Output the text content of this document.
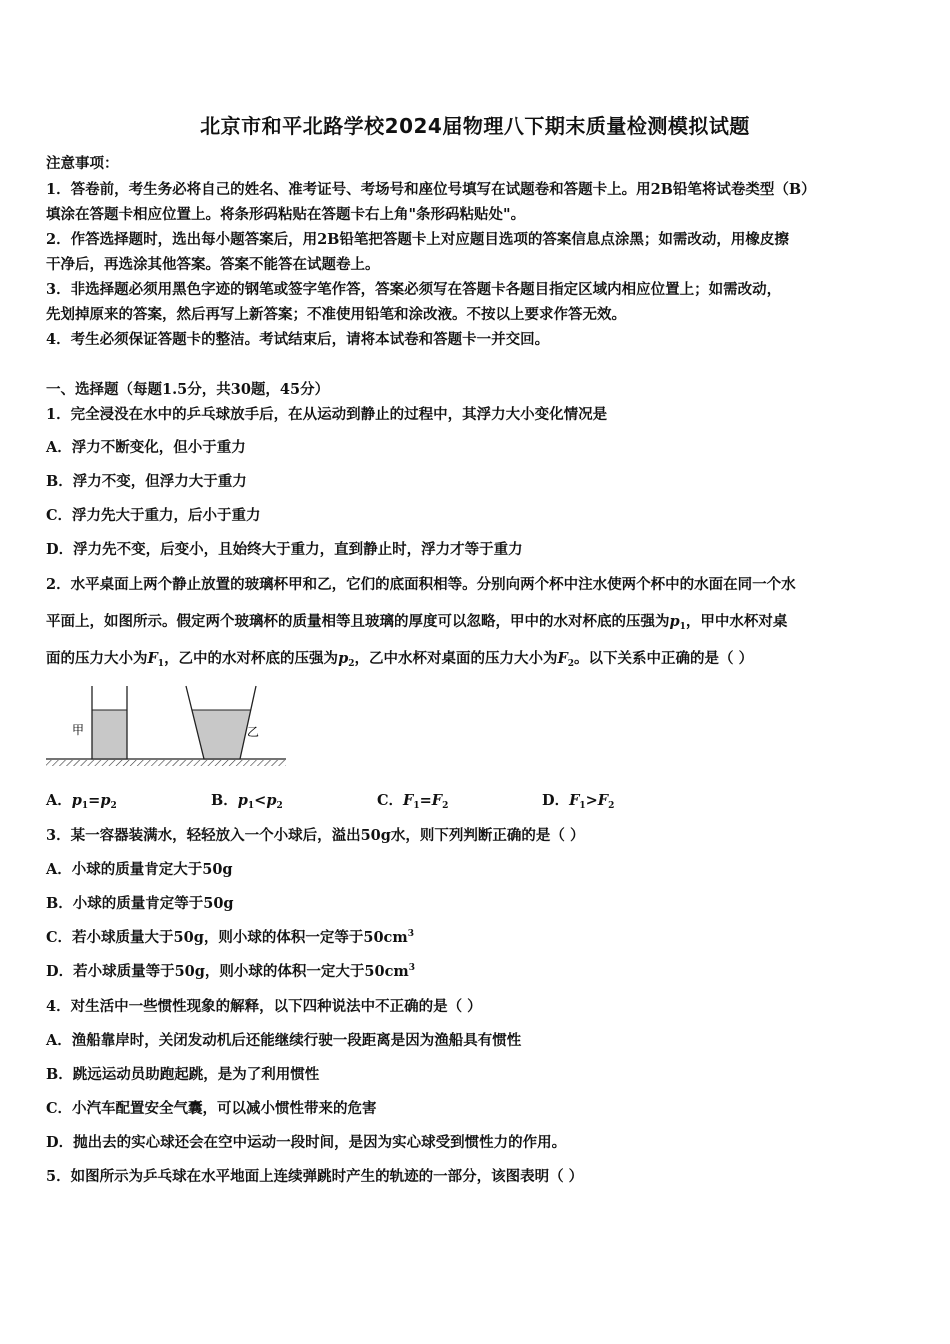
北京市和平北路学校2024届物理八下期末质量检测模拟试题
注意事项：
1．答卷前，考生务必将自己的姓名、准考证号、考场号和座位号填写在试题卷和答题卡上。用2B铅笔将试卷类型（B）
填涂在答题卡相应位置上。将条形码粘贴在答题卡右上角"条形码粘贴处"。
2．作答选择题时，选出每小题答案后，用2B铅笔把答题卡上对应题目选项的答案信息点涂黑；如需改动，用橡皮擦
干净后，再选涂其他答案。答案不能答在试题卷上。
3．非选择题必须用黑色字迹的钢笔或签字笔作答，答案必须写在答题卡各题目指定区域内相应位置上；如需改动，
先划掉原来的答案，然后再写上新答案；不准使用铅笔和涂改液。不按以上要求作答无效。
4．考生必须保证答题卡的整洁。考试结束后，请将本试卷和答题卡一并交回。
一、选择题（每题1.5分，共30题，45分）
1．完全浸没在水中的乒乓球放手后，在从运动到静止的过程中，其浮力大小变化情况是
A．浮力不断变化，但小于重力
B．浮力不变，但浮力大于重力
C．浮力先大于重力，后小于重力
D．浮力先不变，后变小，且始终大于重力，直到静止时，浮力才等于重力
2．水平桌面上两个静止放置的玻璃杯甲和乙，它们的底面积相等。分别向两个杯中注水使两个杯中的水面在同一个水
平面上，如图所示。假定两个玻璃杯的质量相等且玻璃的厚度可以忽略，甲中的水对杯底的压强为$p_1$，甲中水杯对桌
面的压力大小为$F_1$，乙中的水对杯底的压强为$p_2$，乙中水杯对桌面的压力大小为$F_2$。以下关系中正确的是（ ）
甲	乙
A．$p_1=p_2$	B．$p_1<p_2$	C．$F_1=F_2$	D．$F_1>F_2$
3．某一容器装满水，轻轻放入一个小球后，溢出50g水，则下列判断正确的是（ ）
A．小球的质量肯定大于50g
B．小球的质量肯定等于50g
C．若小球质量大于50g，则小球的体积一定等于$50cm^3$
D．若小球质量等于50g，则小球的体积一定大于$50cm^3$
4．对生活中一些惯性现象的解释，以下四种说法中不正确的是（ ）
A．渔船靠岸时，关闭发动机后还能继续行驶一段距离是因为渔船具有惯性
B．跳远运动员助跑起跳，是为了利用惯性
C．小汽车配置安全气囊，可以减小惯性带来的危害
D．抛出去的实心球还会在空中运动一段时间，是因为实心球受到惯性力的作用。
5．如图所示为乒乓球在水平地面上连续弹跳时产生的轨迹的一部分，该图表明（ ）
